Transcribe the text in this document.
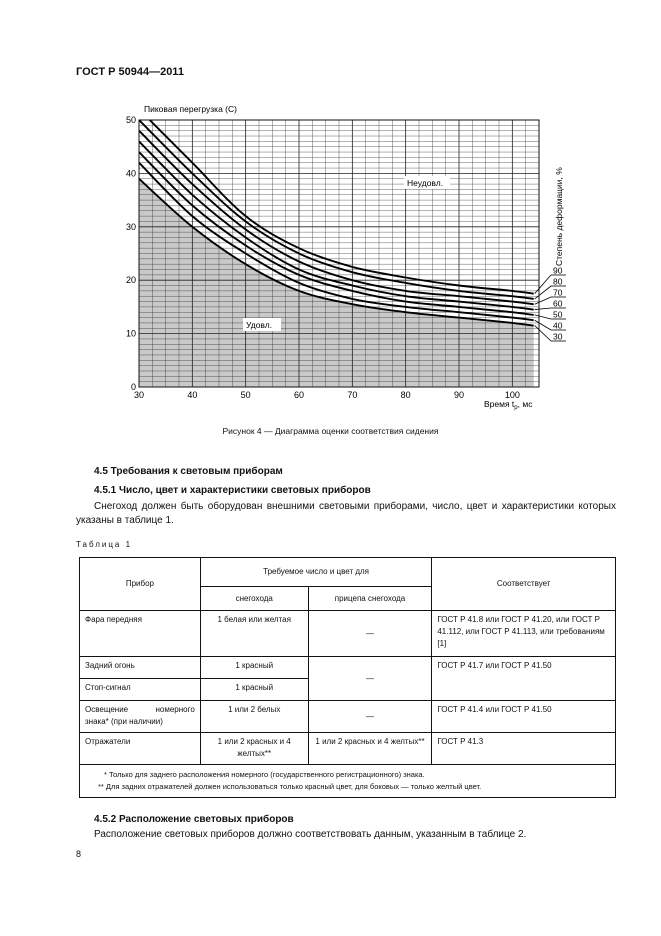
ГОСТ Р 50944—2011
30	40	50	60	70	80	90	100
0
10
20
30
40
50
Пиковая перегрузка (С)
Время $t_р$, мс
Степень деформации, %
Неудовл.
Удовл.
90
80
70
60
50
40
30
Рисунок 4 — Диаграмма оценки соответствия сидения
4.5 Требования к световым приборам
4.5.1 Число, цвет и характеристики световых приборов
Снегоход должен быть оборудован внешними световыми приборами, число, цвет и характеристики которых указаны в таблице 1.
Таблица 1
Прибор	Требуемое число и цвет для		Соответствует
	снегохода	прицепа снегохода	
Фара передняя	1 белая или желтая	—	ГОСТ Р 41.8 или ГОСТ Р 41.20, или ГОСТ Р 41.112, или ГОСТ Р 41.113, или требованиям [1]
Задний огонь	1 красный	—	ГОСТ Р 41.7 или ГОСТ Р 41.50
Стоп-сигнал	1 красный		
Освещение номерного знака* (при наличии)	1 или 2 белых	—	ГОСТ Р 41.4 или ГОСТ Р 41.50
Отражатели	1 или 2 красных и 4 желтых**	1 или 2 красных и 4 желтых**	ГОСТ Р 41.3

* Только для заднего расположения номерного (государственного регистрационного) знака.
** Для задних отражателей должен использоваться только красный цвет, для боковых — только желтый цвет.			
4.5.2 Расположение световых приборов
Расположение световых приборов должно соответствовать данным, указанным в таблице 2.
8
